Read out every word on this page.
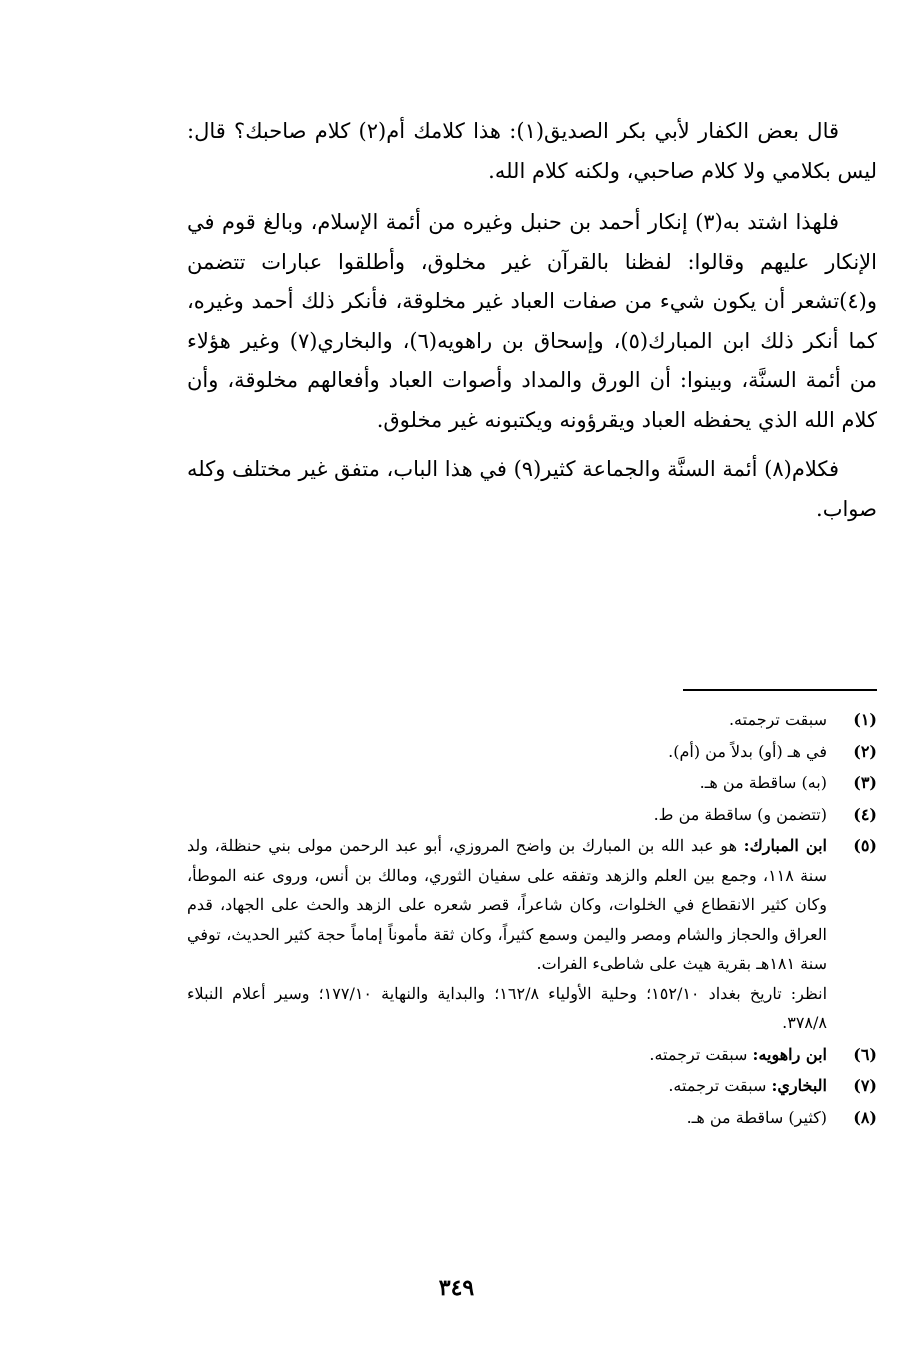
قال بعض الكفار لأبي بكر الصديق(١): هذا كلامك أم(٢) كلام صاحبك؟ قال: ليس بكلامي ولا كلام صاحبي، ولكنه كلام الله.

فلهذا اشتد به(٣) إنكار أحمد بن حنبل وغيره من أئمة الإسلام، وبالغ قوم في الإنكار عليهم وقالوا: لفظنا بالقرآن غير مخلوق، وأطلقوا عبارات تتضمن و(٤)تشعر أن يكون شيء من صفات العباد غير مخلوقة، فأنكر ذلك أحمد وغيره، كما أنكر ذلك ابن المبارك(٥)، وإسحاق بن راهويه(٦)، والبخاري(٧) وغير هؤلاء من أئمة السنَّة، وبينوا: أن الورق والمداد وأصوات العباد وأفعالهم مخلوقة، وأن كلام الله الذي يحفظه العباد ويقرؤونه ويكتبونه غير مخلوق.

فكلام(٨) أئمة السنَّة والجماعة كثير(٩) في هذا الباب، متفق غير مختلف وكله صواب.

(١)
سبقت ترجمته.
(٢)
في هـ (أو) بدلاً من (أم).
(٣)
(به) ساقطة من هـ.
(٤)
(تتضمن و) ساقطة من ط.
(٥)
ابن المبارك: هو عبد الله بن المبارك بن واضح المروزي، أبو عبد الرحمن مولى بني حنظلة، ولد سنة ١١٨، وجمع بين العلم والزهد وتفقه على سفيان الثوري، ومالك بن أنس، وروى عنه الموطأ، وكان كثير الانقطاع في الخلوات، وكان شاعراً، قصر شعره على الزهد والحث على الجهاد، قدم العراق والحجاز والشام ومصر واليمن وسمع كثيراً، وكان ثقة مأموناً إماماً حجة كثير الحديث، توفي سنة ١٨١هـ بقرية هيث على شاطىء الفرات.
انظر: تاريخ بغداد ١٥٢/١٠؛ وحلية الأولياء ١٦٢/٨؛ والبداية والنهاية ١٧٧/١٠؛ وسير أعلام النبلاء ٣٧٨/٨.
(٦)
ابن راهويه: سبقت ترجمته.
(٧)
البخاري: سبقت ترجمته.
(٨)
(كثير) ساقطة من هـ.
٣٤٩
